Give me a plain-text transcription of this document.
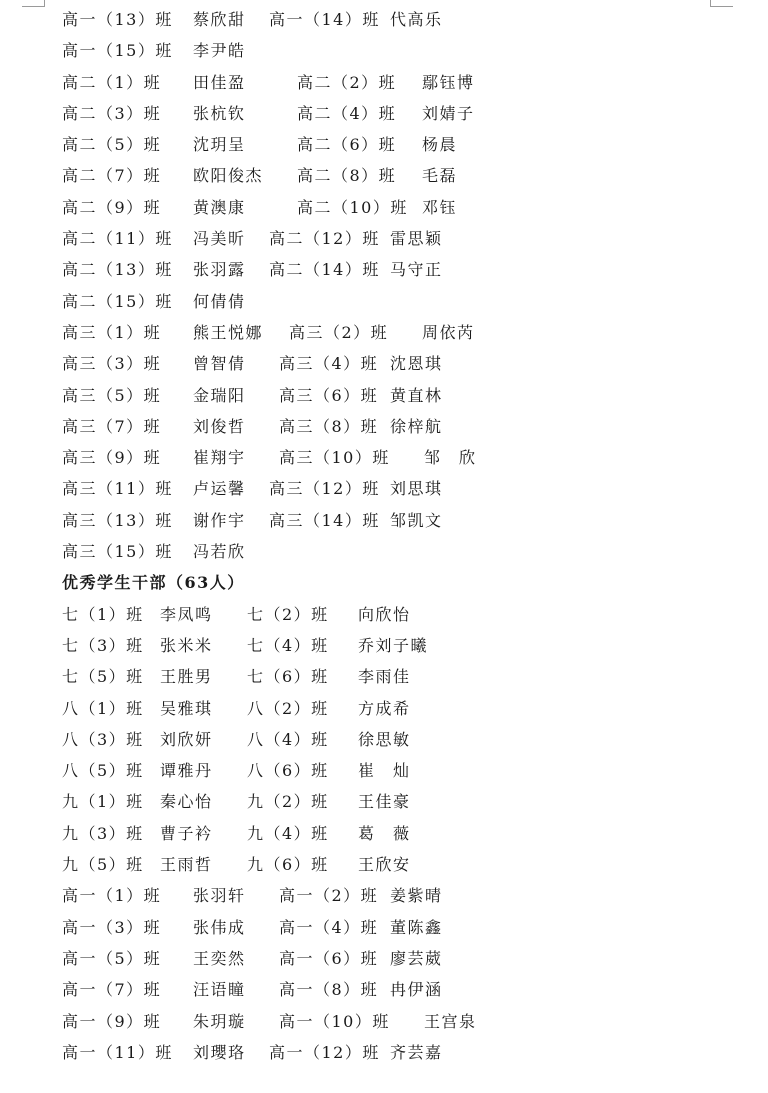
高一（13）班 蔡欣甜 高一（14）班 代高乐
高一（15）班 李尹皓
高二（1）班 田佳盈	高二（2）班 鄢钰博
高二（3）班 张杭钦	高二（4）班 刘婧子
高二（5）班 沈玥呈	高二（6）班 杨晨
高二（7）班 欧阳俊杰 高二（8）班 毛磊
高二（9）班 黄澳康	高二（10）班 邓钰
高二（11）班 冯美昕 高二（12）班 雷思颖
高二（13）班 张羽露 高二（14）班 马守正
高二（15）班 何倩倩
高三（1）班 熊王悦娜 高三（2）班 周依芮
高三（3）班 曾智倩 高三（4）班 沈恩琪
高三（5）班 金瑞阳 高三（6）班 黄直林
高三（7）班 刘俊哲 高三（8）班 徐梓航
高三（9）班 崔翔宇 高三（10）班 邹　欣
高三（11）班 卢运馨 高三（12）班 刘思琪
高三（13）班 谢作宇 高三（14）班 邹凯文
高三（15）班 冯若欣
优秀学生干部（63人）
七（1）班 李凤鸣 七（2）班 向欣怡
七（3）班 张米米 七（4）班 乔刘子曦
七（5）班 王胜男 七（6）班 李雨佳
八（1）班 吴雅琪 八（2）班 方成希
八（3）班 刘欣妍 八（4）班 徐思敏
八（5）班 谭雅丹 八（6）班 崔　灿
九（1）班 秦心怡 九（2）班 王佳豪
九（3）班 曹子衿 九（4）班 葛　薇
九（5）班 王雨哲 九（6）班 王欣安
高一（1）班 张羽轩 高一（2）班 姜紫晴
高一（3）班 张伟成 高一（4）班 董陈鑫
高一（5）班 王奕然 高一（6）班 廖芸葳
高一（7）班 汪语瞳 高一（8）班 冉伊涵
高一（9）班 朱玥璇 高一（10）班 王宫泉
高一（11）班 刘瓔珞 高一（12）班 齐芸嘉
